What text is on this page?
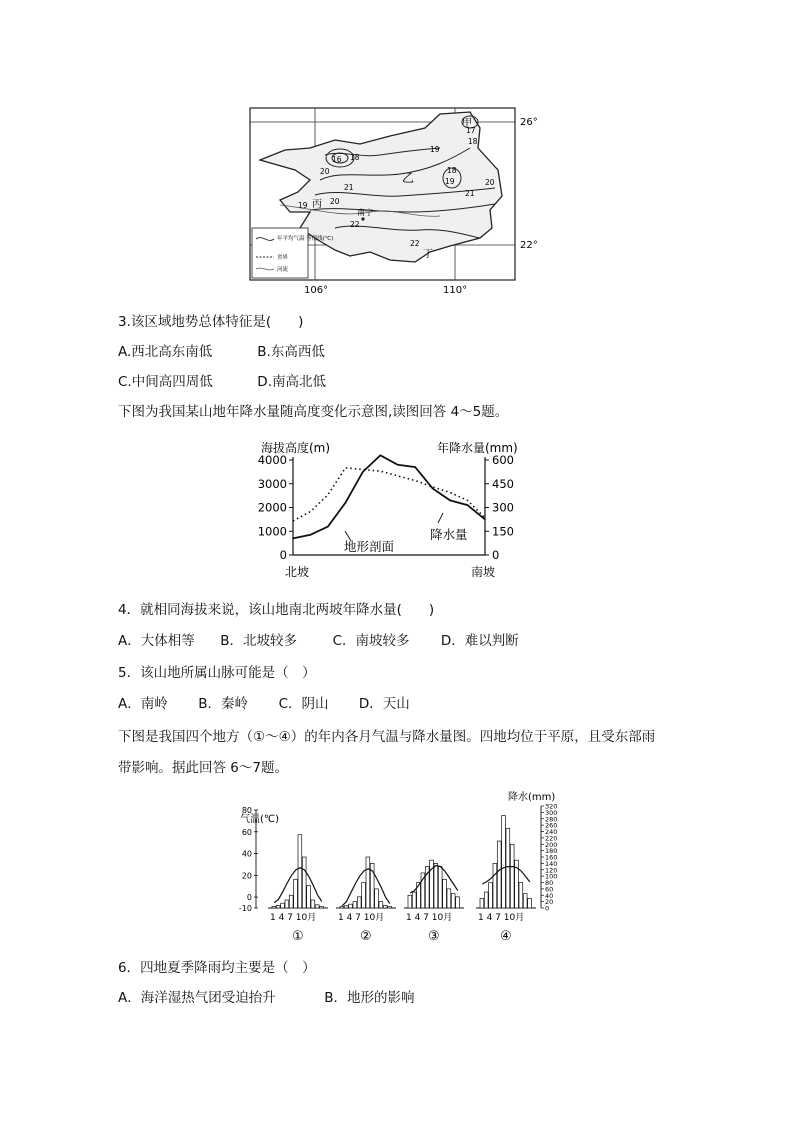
甲
乙
丙
丁
南宁
17
18
19
16 18
20
21
18
19	20
21
19	20
22
22
年平均气温 等值线(℃)
省界
河流
26°
22°
106°	110°
3.该区域地势总体特征是(　　)
A.西北高东南低	B.东高西低
C.中间高四周低	D.南高北低
下图为我国某山地年降水量随高度变化示意图,读图回答 4～5题。
海拔高度(m)	年降水量(mm)
4000
3000
2000
1000
0
600
450
300
150
0
地形剖面
降水量
北坡	南坡
4．就相同海拔来说，该山地南北两坡年降水量(　　)
A．大体相等 B．北坡较多	C．南坡较多 D．难以判断
5．该山地所属山脉可能是（　）
A．南岭 B．秦岭 C．阴山 D．天山
下图是我国四个地方（①～④）的年内各月气温与降水量图。四地均位于平原，且受东部雨
带影响。据此回答 6～7题。
气温(℃)
降水(mm)
80
60
40
20
0
-10
320
300
280
260
240
220
200
180
160
140
120
100
80
60
40
20
0
1 4 7 10月
①
1 4 7 10月
②
1 4 7 10月
③
1 4 7 10月
④
6．四地夏季降雨均主要是（　）
A．海洋湿热气团受迫抬升	B．地形的影响
